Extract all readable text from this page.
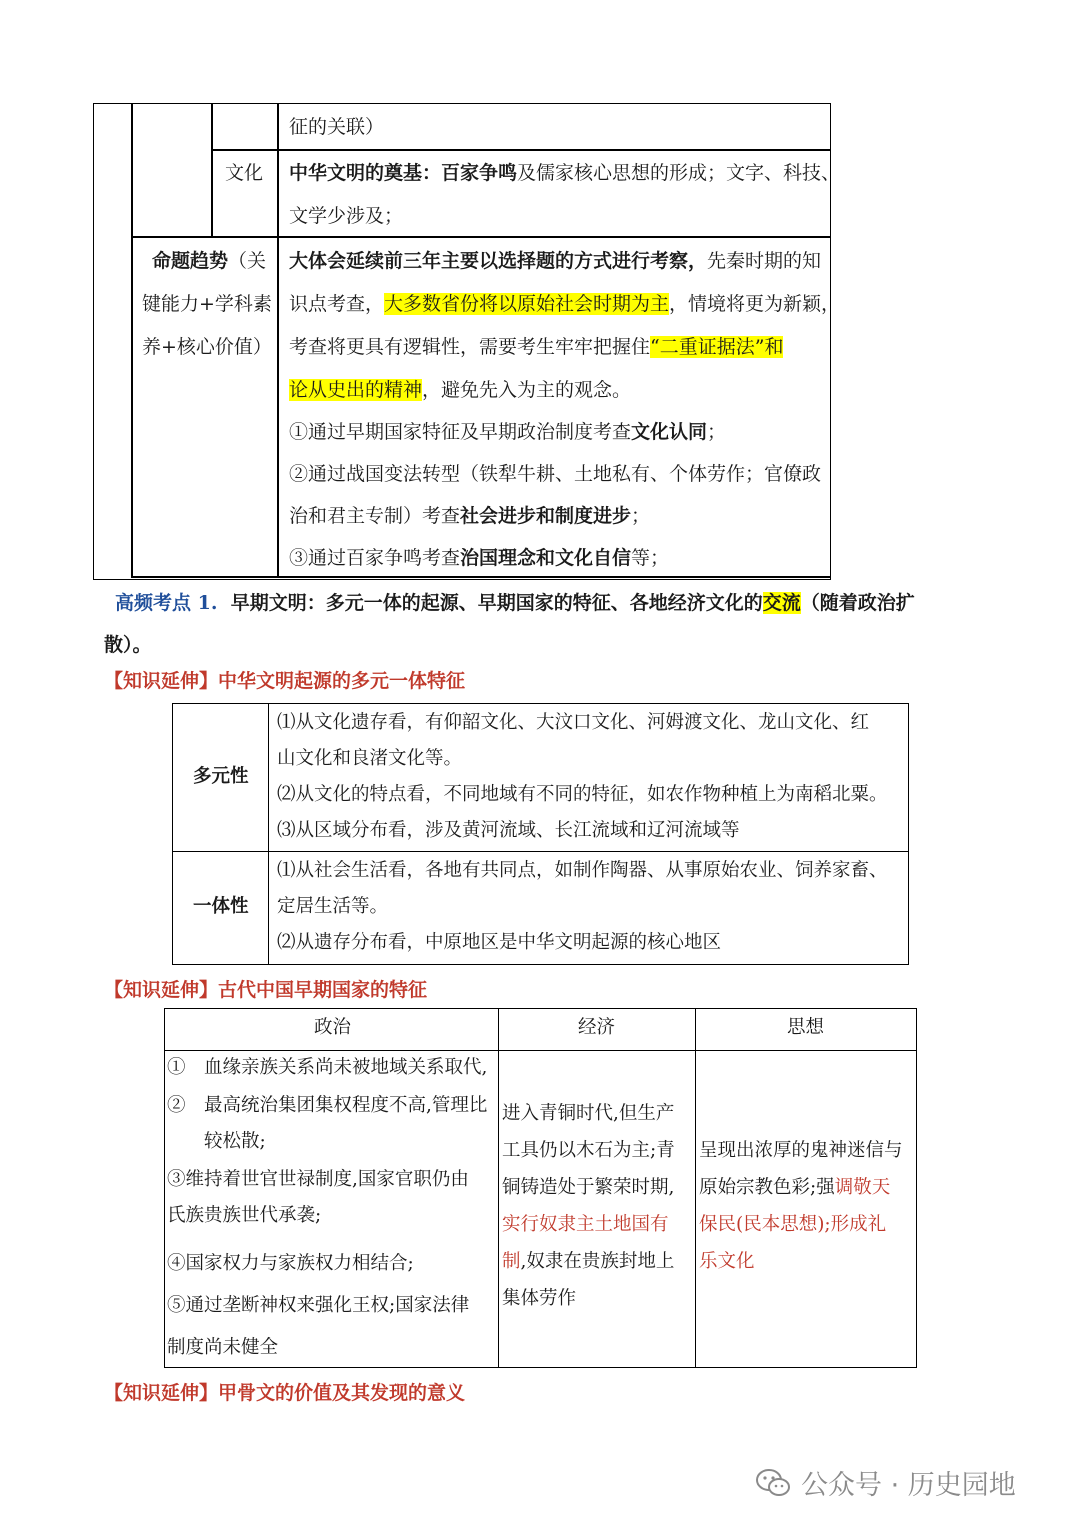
征的关联）
文化 中华文明的奠基：百家争鸣及儒家核心思想的形成；文字、科技、
文学少涉及；
命题趋势（关
键能力+学科素
养+核心价值）
大体会延续前三年主要以选择题的方式进行考察，先秦时期的知
识点考查，大多数省份将以原始社会时期为主，情境将更为新颖，
考查将更具有逻辑性，需要考生牢牢把握住“二重证据法”和
论从史出的精神，避免先入为主的观念。
①通过早期国家特征及早期政治制度考查文化认同；
②通过战国变法转型（铁犁牛耕、土地私有、个体劳作；官僚政
治和君主专制）考查社会进步和制度进步；
③通过百家争鸣考查治国理念和文化自信等；
高频考点 1. 早期文明：多元一体的起源、早期国家的特征、各地经济文化的交流（随着政治扩
散）。
【知识延伸】中华文明起源的多元一体特征
多元性
⑴从文化遗存看，有仰韶文化、大汶口文化、河姆渡文化、龙山文化、红
山文化和良渚文化等。
⑵从文化的特点看，不同地域有不同的特征，如农作物种植上为南稻北粟。
⑶从区域分布看，涉及黄河流域、长江流域和辽河流域等
一体性
⑴从社会生活看，各地有共同点，如制作陶器、从事原始农业、饲养家畜、
定居生活等。
⑵从遗存分布看，中原地区是中华文明起源的核心地区
【知识延伸】古代中国早期国家的特征
政治	经济	思想
①　血缘亲族关系尚未被地域关系取代,
②　最高统治集团集权程度不高,管理比
　　较松散;
③维持着世官世禄制度,国家官职仍由
氏族贵族世代承袭;
④国家权力与家族权力相结合;
⑤通过垄断神权来强化王权;国家法律
制度尚未健全
进入青铜时代,但生产
工具仍以木石为主;青
铜铸造处于繁荣时期,
实行奴隶主土地国有
制,奴隶在贵族封地上
集体劳作
呈现出浓厚的鬼神迷信与
原始宗教色彩;强调敬天
保民(民本思想);形成礼
乐文化
【知识延伸】甲骨文的价值及其发现的意义
公众号 · 历史园地
